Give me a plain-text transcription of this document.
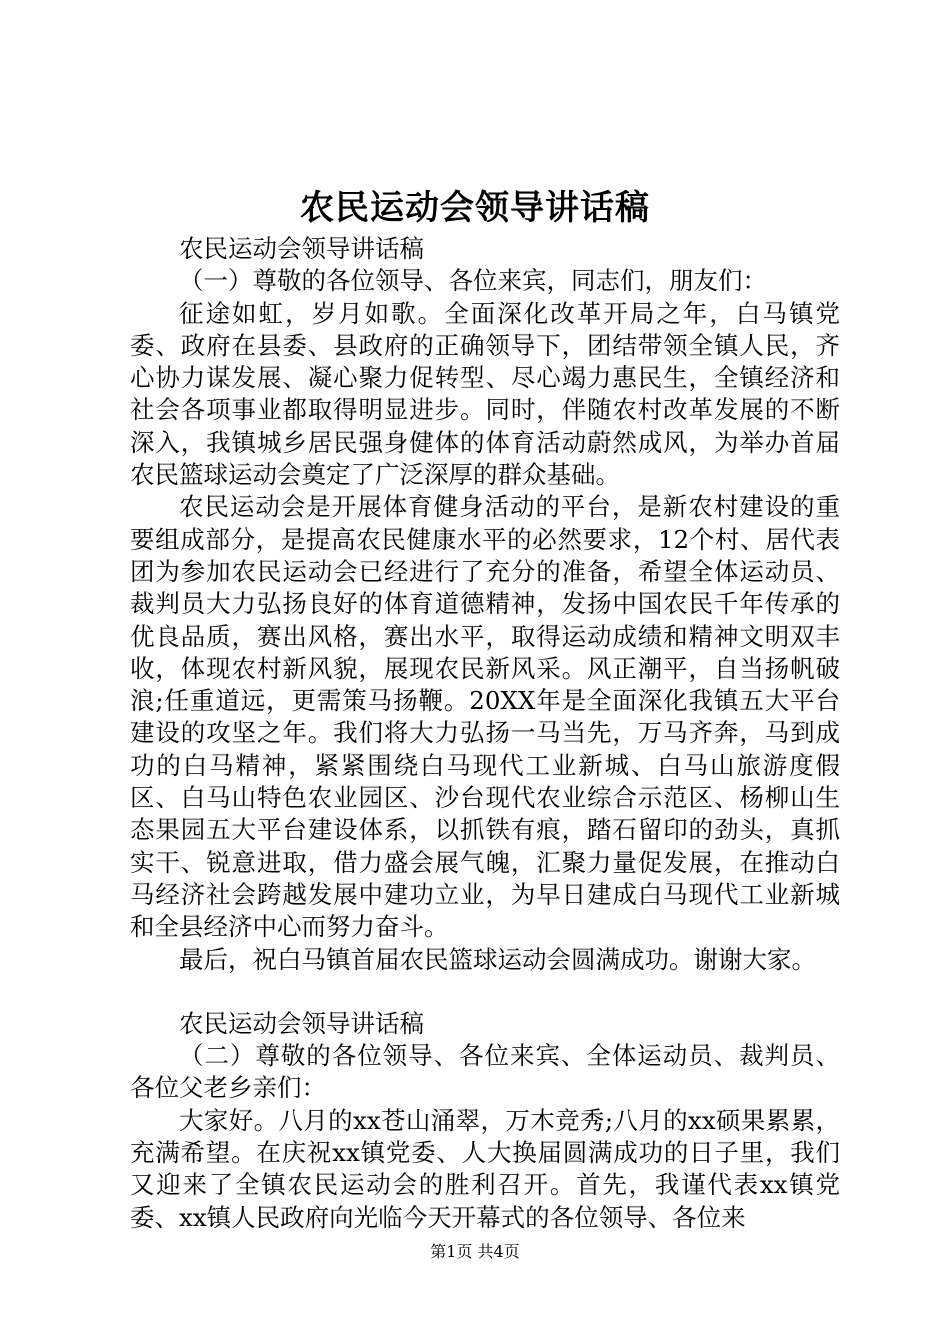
农民运动会领导讲话稿

农民运动会领导讲话稿

（一）尊敬的各位领导、各位来宾，同志们，朋友们：

征途如虹，岁月如歌。全面深化改革开局之年，白马镇党委、政府在县委、县政府的正确领导下，团结带领全镇人民，齐心协力谋发展、凝心聚力促转型、尽心竭力惠民生，全镇经济和社会各项事业都取得明显进步。同时，伴随农村改革发展的不断深入，我镇城乡居民强身健体的体育活动蔚然成风，为举办首届农民篮球运动会奠定了广泛深厚的群众基础。

农民运动会是开展体育健身活动的平台，是新农村建设的重要组成部分，是提高农民健康水平的必然要求，12个村、居代表团为参加农民运动会已经进行了充分的准备，希望全体运动员、裁判员大力弘扬良好的体育道德精神，发扬中国农民千年传承的优良品质，赛出风格，赛出水平，取得运动成绩和精神文明双丰收，体现农村新风貌，展现农民新风采。风正潮平，自当扬帆破浪;任重道远，更需策马扬鞭。20XX年是全面深化我镇五大平台建设的攻坚之年。我们将大力弘扬一马当先，万马齐奔，马到成功的白马精神，紧紧围绕白马现代工业新城、白马山旅游度假区、白马山特色农业园区、沙台现代农业综合示范区、杨柳山生态果园五大平台建设体系，以抓铁有痕，踏石留印的劲头，真抓实干、锐意进取，借力盛会展气魄，汇聚力量促发展，在推动白马经济社会跨越发展中建功立业，为早日建成白马现代工业新城和全县经济中心而努力奋斗。

最后，祝白马镇首届农民篮球运动会圆满成功。谢谢大家。

农民运动会领导讲话稿

（二）尊敬的各位领导、各位来宾、全体运动员、裁判员、各位父老乡亲们：

大家好。八月的xx苍山涌翠，万木竞秀;八月的xx硕果累累，充满希望。在庆祝xx镇党委、人大换届圆满成功的日子里，我们又迎来了全镇农民运动会的胜利召开。首先，我谨代表xx镇党委、xx镇人民政府向光临今天开幕式的各位领导、各位来

第1页 共4页
